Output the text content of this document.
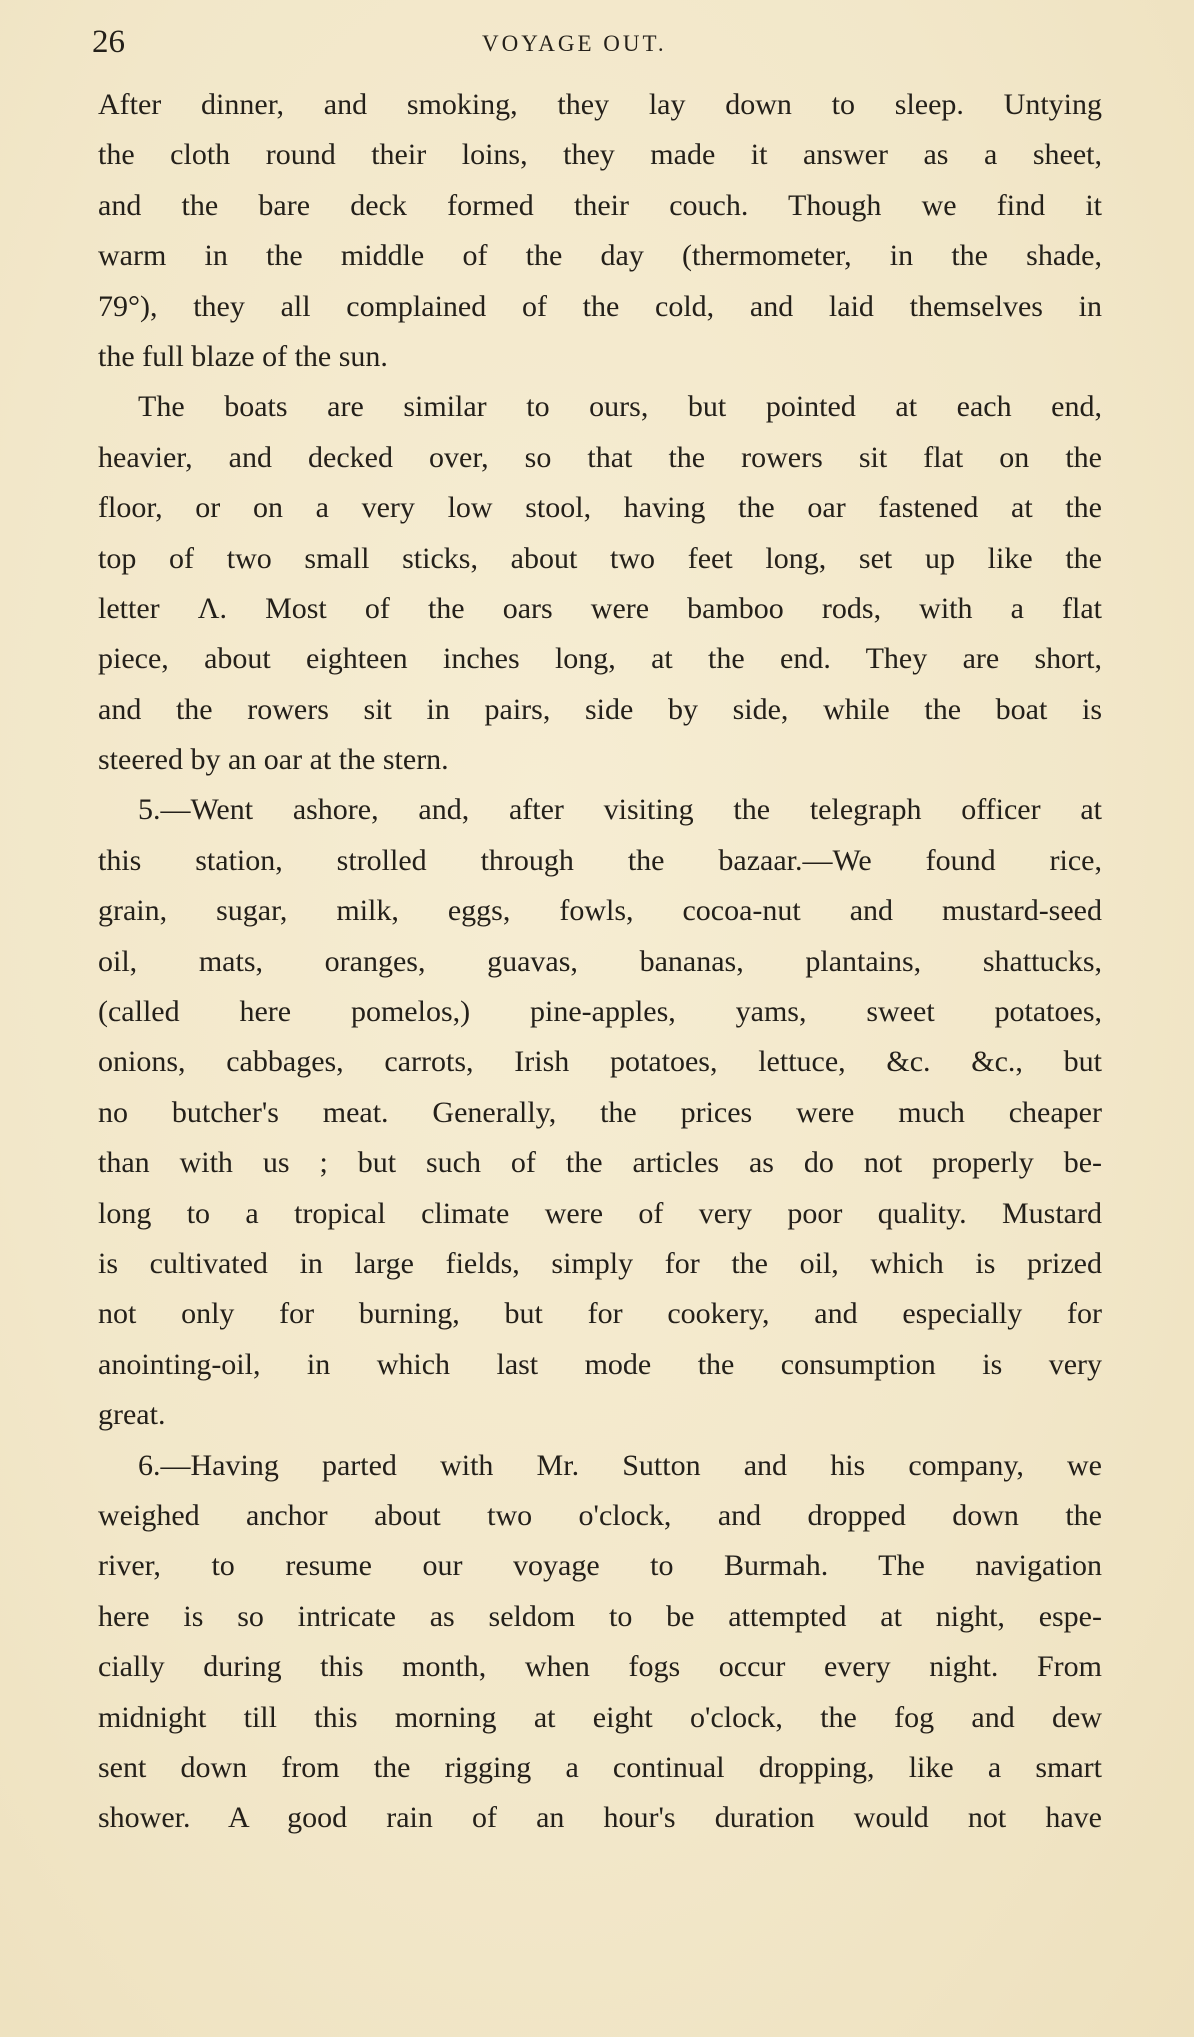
26	VOYAGE OUT.
After dinner, and smoking, they lay down to sleep. Untying
the cloth round their loins, they made it answer as a sheet,
and the bare deck formed their couch. Though we find it
warm in the middle of the day (thermometer, in the shade,
79°), they all complained of the cold, and laid themselves in
the full blaze of the sun.
The boats are similar to ours, but pointed at each end,
heavier, and decked over, so that the rowers sit flat on the
floor, or on a very low stool, having the oar fastened at the
top of two small sticks, about two feet long, set up like the
letter Λ. Most of the oars were bamboo rods, with a flat
piece, about eighteen inches long, at the end. They are short,
and the rowers sit in pairs, side by side, while the boat is
steered by an oar at the stern.
5.—Went ashore, and, after visiting the telegraph officer at
this station, strolled through the bazaar.—We found rice,
grain, sugar, milk, eggs, fowls, cocoa-nut and mustard-seed
oil, mats, oranges, guavas, bananas, plantains, shattucks,
(called here pomelos,) pine-apples, yams, sweet potatoes,
onions, cabbages, carrots, Irish potatoes, lettuce, &c. &c., but
no butcher's meat. Generally, the prices were much cheaper
than with us ; but such of the articles as do not properly be-
long to a tropical climate were of very poor quality. Mustard
is cultivated in large fields, simply for the oil, which is prized
not only for burning, but for cookery, and especially for
anointing-oil, in which last mode the consumption is very
great.
6.—Having parted with Mr. Sutton and his company, we
weighed anchor about two o'clock, and dropped down the
river, to resume our voyage to Burmah. The navigation
here is so intricate as seldom to be attempted at night, espe-
cially during this month, when fogs occur every night. From
midnight till this morning at eight o'clock, the fog and dew
sent down from the rigging a continual dropping, like a smart
shower. A good rain of an hour's duration would not have
